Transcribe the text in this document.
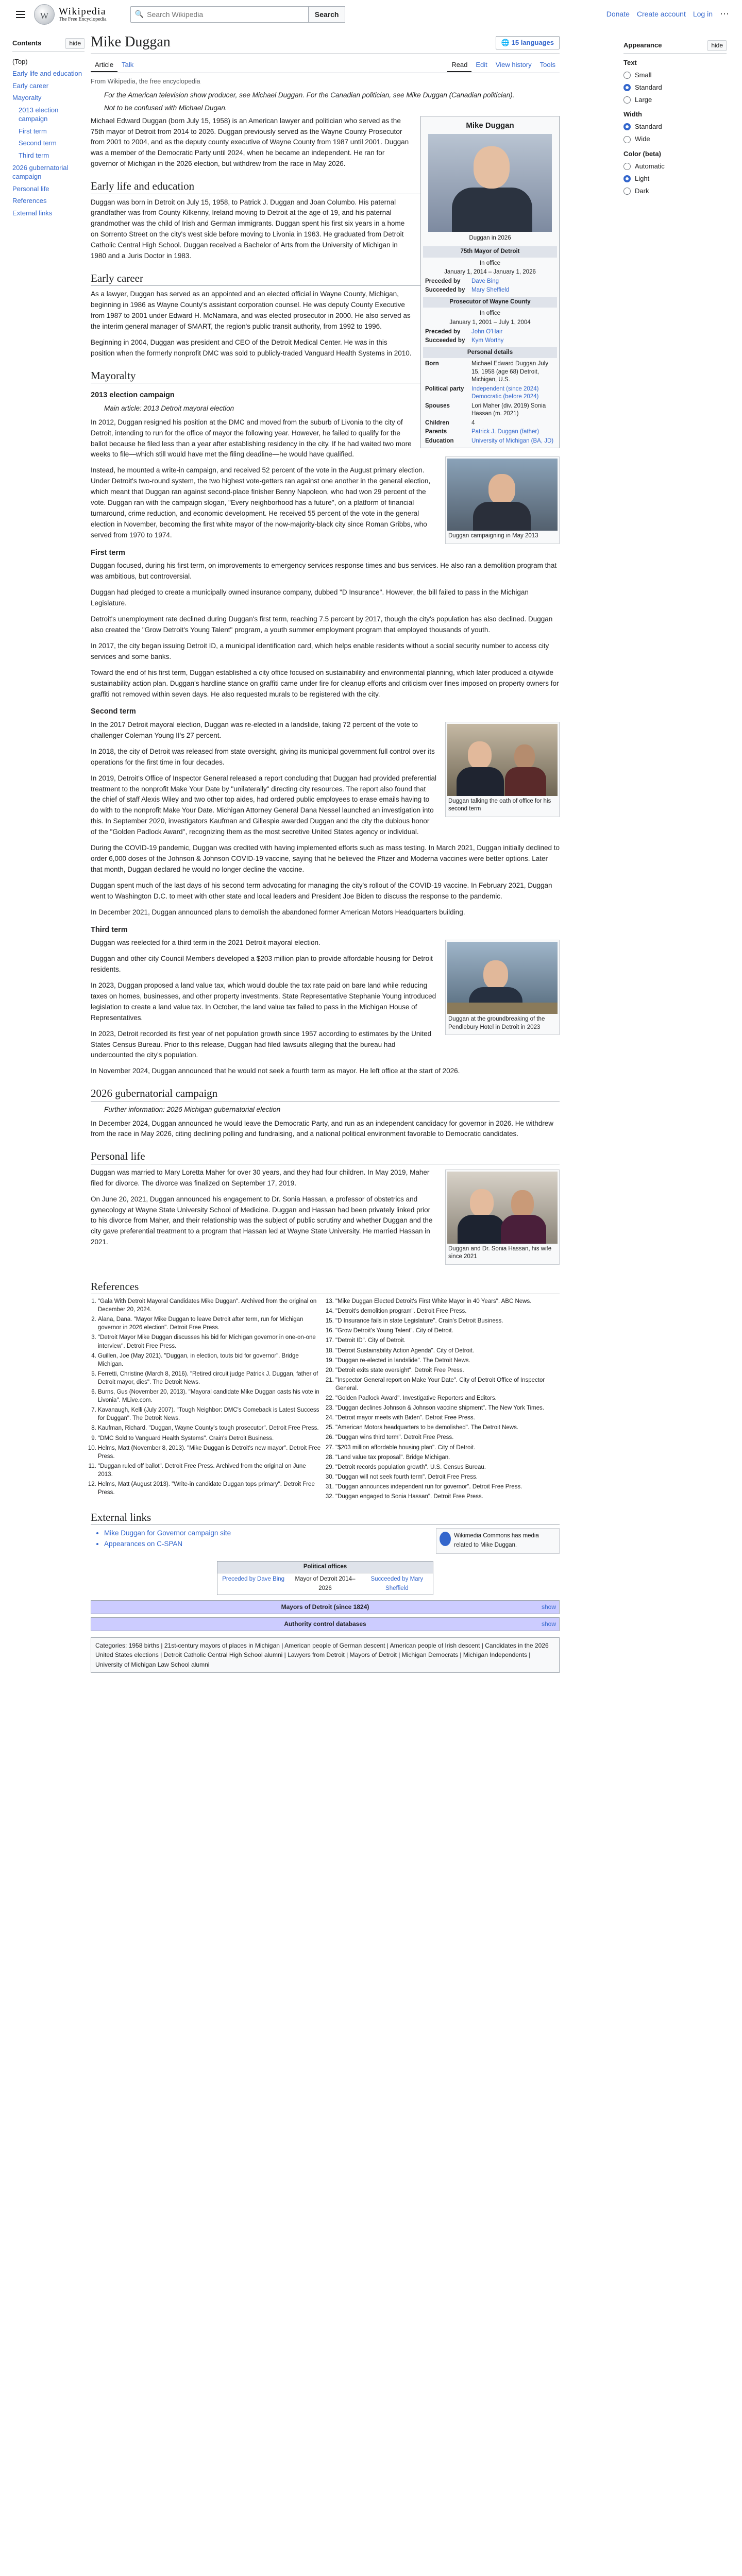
W
Wikipedia
The Free Encyclopedia
🔍
Search Wikipedia	Search	Donate Create account Log in ⋯
Contents	hide
(Top)
Early life and education
Early career
Mayoralty
2013 election campaign
First term
Second term
Third term
2026 gubernatorial campaign
Personal life
References
External links
Mike Duggan	🌐 15 languages
Article	Talk	Read	Edit	View history	Tools
From Wikipedia, the free encyclopedia
For the American television show producer, see Michael Duggan. For the Canadian politician, see Mike Duggan (Canadian politician).
Not to be confused with Michael Dugan.
Mike Duggan
Duggan in 2026
75th Mayor of Detroit
In office
January 1, 2014 – January 1, 2026
Preceded by	Dave Bing
Succeeded by	Mary Sheffield
Prosecutor of Wayne County
In office
January 1, 2001 – July 1, 2004
Preceded by	John O'Hair
Succeeded by	Kym Worthy
Personal details
Born	Michael Edward Duggan July 15, 1958 (age 68) Detroit, Michigan, U.S.
Political party	Independent (since 2024) Democratic (before 2024)
Spouses	Lori Maher (div. 2019) Sonia Hassan (m. 2021)
Children	4
Parents	Patrick J. Duggan (father)
Education	University of Michigan (BA, JD)

Michael Edward Duggan (born July 15, 1958) is an American lawyer and politician who served as the 75th mayor of Detroit from 2014 to 2026. Duggan previously served as the Wayne County Prosecutor from 2001 to 2004, and as the deputy county executive of Wayne County from 1987 until 2001. Duggan was a member of the Democratic Party until 2024, when he became an independent. He ran for governor of Michigan in the 2026 election, but withdrew from the race in May 2026.

Early life and education

Duggan was born in Detroit on July 15, 1958, to Patrick J. Duggan and Joan Columbo. His paternal grandfather was from County Kilkenny, Ireland moving to Detroit at the age of 19, and his paternal grandmother was the child of Irish and German immigrants. Duggan spent his first six years in a home on Sorrento Street on the city's west side before moving to Livonia in 1963. He graduated from Detroit Catholic Central High School. Duggan received a Bachelor of Arts from the University of Michigan in 1980 and a Juris Doctor in 1983.

Early career

As a lawyer, Duggan has served as an appointed and an elected official in Wayne County, Michigan, beginning in 1986 as Wayne County's assistant corporation counsel. He was deputy County Executive from 1987 to 2001 under Edward H. McNamara, and was elected prosecutor in 2000. He also served as the interim general manager of SMART, the region's public transit authority, from 1992 to 1996.

Beginning in 2004, Duggan was president and CEO of the Detroit Medical Center. He was in this position when the formerly nonprofit DMC was sold to publicly-traded Vanguard Health Systems in 2010.

Mayoralty
2013 election campaign
Main article: 2013 Detroit mayoral election
Duggan campaigning in May 2013

In 2012, Duggan resigned his position at the DMC and moved from the suburb of Livonia to the city of Detroit, intending to run for the office of mayor the following year. However, he failed to qualify for the ballot because he filed less than a year after establishing residency in the city. If he had waited two more weeks to file—which still would have met the filing deadline—he would have qualified.

Instead, he mounted a write-in campaign, and received 52 percent of the vote in the August primary election. Under Detroit's two-round system, the two highest vote-getters ran against one another in the general election, which meant that Duggan ran against second-place finisher Benny Napoleon, who had won 29 percent of the vote. Duggan ran with the campaign slogan, "Every neighborhood has a future", on a platform of financial turnaround, crime reduction, and economic development. He received 55 percent of the vote in the general election in November, becoming the first white mayor of the now-majority-black city since Roman Gribbs, who served from 1970 to 1974.

First term

Duggan focused, during his first term, on improvements to emergency services response times and bus services. He also ran a demolition program that was ambitious, but controversial.

Duggan had pledged to create a municipally owned insurance company, dubbed "D Insurance". However, the bill failed to pass in the Michigan Legislature.

Detroit's unemployment rate declined during Duggan's first term, reaching 7.5 percent by 2017, though the city's population has also declined. Duggan also created the "Grow Detroit's Young Talent" program, a youth summer employment program that employed thousands of youth.

In 2017, the city began issuing Detroit ID, a municipal identification card, which helps enable residents without a social security number to access city services and some banks.

Toward the end of his first term, Duggan established a city office focused on sustainability and environmental planning, which later produced a citywide sustainability action plan. Duggan's hardline stance on graffiti came under fire for cleanup efforts and criticism over fines imposed on property owners for graffiti not removed within seven days. He also requested murals to be registered with the city.

Second term
Duggan talking the oath of office for his second term

In the 2017 Detroit mayoral election, Duggan was re-elected in a landslide, taking 72 percent of the vote to challenger Coleman Young II's 27 percent.

In 2018, the city of Detroit was released from state oversight, giving its municipal government full control over its operations for the first time in four decades.

In 2019, Detroit's Office of Inspector General released a report concluding that Duggan had provided preferential treatment to the nonprofit Make Your Date by "unilaterally" directing city resources. The report also found that the chief of staff Alexis Wiley and two other top aides, had ordered public employees to erase emails having to do with to the nonprofit Make Your Date. Michigan Attorney General Dana Nessel launched an investigation into this. In September 2020, investigators Kaufman and Gillespie awarded Duggan and the city the dubious honor of the "Golden Padlock Award", recognizing them as the most secretive United States agency or individual.

During the COVID-19 pandemic, Duggan was credited with having implemented efforts such as mass testing. In March 2021, Duggan initially declined to order 6,000 doses of the Johnson & Johnson COVID-19 vaccine, saying that he believed the Pfizer and Moderna vaccines were better options. Later that month, Duggan declared he would no longer decline the vaccine.

Duggan spent much of the last days of his second term advocating for managing the city's rollout of the COVID-19 vaccine. In February 2021, Duggan went to Washington D.C. to meet with other state and local leaders and President Joe Biden to discuss the response to the pandemic.

In December 2021, Duggan announced plans to demolish the abandoned former American Motors Headquarters building.

Third term
Duggan at the groundbreaking of the Pendlebury Hotel in Detroit in 2023

Duggan was reelected for a third term in the 2021 Detroit mayoral election.

Duggan and other city Council Members developed a $203 million plan to provide affordable housing for Detroit residents.

In 2023, Duggan proposed a land value tax, which would double the tax rate paid on bare land while reducing taxes on homes, businesses, and other property investments. State Representative Stephanie Young introduced legislation to create a land value tax. In October, the land value tax failed to pass in the Michigan House of Representatives.

In 2023, Detroit recorded its first year of net population growth since 1957 according to estimates by the United States Census Bureau. Prior to this release, Duggan had filed lawsuits alleging that the bureau had undercounted the city's population.

In November 2024, Duggan announced that he would not seek a fourth term as mayor. He left office at the start of 2026.

2026 gubernatorial campaign
Further information: 2026 Michigan gubernatorial election

In December 2024, Duggan announced he would leave the Democratic Party, and run as an independent candidacy for governor in 2026. He withdrew from the race in May 2026, citing declining polling and fundraising, and a national political environment favorable to Democratic candidates.

Personal life
Duggan and Dr. Sonia Hassan, his wife since 2021

Duggan was married to Mary Loretta Maher for over 30 years, and they had four children. In May 2019, Maher filed for divorce. The divorce was finalized on September 17, 2019.

On June 20, 2021, Duggan announced his engagement to Dr. Sonia Hassan, a professor of obstetrics and gynecology at Wayne State University School of Medicine. Duggan and Hassan had been privately linked prior to his divorce from Maher, and their relationship was the subject of public scrutiny and whether Duggan and the city gave preferential treatment to a program that Hassan led at Wayne State University. He married Hassan in 2021.

References
1. "Gala With Detroit Mayoral Candidates Mike Duggan". Archived from the original on December 20, 2024.
2. Alana, Dana. "Mayor Mike Duggan to leave Detroit after term, run for Michigan governor in 2026 election". Detroit Free Press.
3. "Detroit Mayor Mike Duggan discusses his bid for Michigan governor in one-on-one interview". Detroit Free Press.
4. Guillen, Joe (May 2021). "Duggan, in election, touts bid for governor". Bridge Michigan.
5. Ferretti, Christine (March 8, 2016). "Retired circuit judge Patrick J. Duggan, father of Detroit mayor, dies". The Detroit News.
6. Burns, Gus (November 20, 2013). "Mayoral candidate Mike Duggan casts his vote in Livonia". MLive.com.
7. Kavanaugh, Kelli (July 2007). "Tough Neighbor: DMC's Comeback is Latest Success for Duggan". The Detroit News.
8. Kaufman, Richard. "Duggan, Wayne County's tough prosecutor". Detroit Free Press.
9. "DMC Sold to Vanguard Health Systems". Crain's Detroit Business.
10. Helms, Matt (November 8, 2013). "Mike Duggan is Detroit's new mayor". Detroit Free Press.
11. "Duggan ruled off ballot". Detroit Free Press. Archived from the original on June 2013.
12. Helms, Matt (August 2013). "Write-in candidate Duggan tops primary". Detroit Free Press.
13. "Mike Duggan Elected Detroit's First White Mayor in 40 Years". ABC News.
14. "Detroit's demolition program". Detroit Free Press.
15. "D Insurance fails in state Legislature". Crain's Detroit Business.
16. "Grow Detroit's Young Talent". City of Detroit.
17. "Detroit ID". City of Detroit.
18. "Detroit Sustainability Action Agenda". City of Detroit.
19. "Duggan re-elected in landslide". The Detroit News.
20. "Detroit exits state oversight". Detroit Free Press.
21. "Inspector General report on Make Your Date". City of Detroit Office of Inspector General.
22. "Golden Padlock Award". Investigative Reporters and Editors.
23. "Duggan declines Johnson & Johnson vaccine shipment". The New York Times.
24. "Detroit mayor meets with Biden". Detroit Free Press.
25. "American Motors headquarters to be demolished". The Detroit News.
26. "Duggan wins third term". Detroit Free Press.
27. "$203 million affordable housing plan". City of Detroit.
28. "Land value tax proposal". Bridge Michigan.
29. "Detroit records population growth". U.S. Census Bureau.
30. "Duggan will not seek fourth term". Detroit Free Press.
31. "Duggan announces independent run for governor". Detroit Free Press.
32. "Duggan engaged to Sonia Hassan". Detroit Free Press.
External links
Wikimedia Commons has media related to Mike Duggan.
• Mike Duggan for Governor campaign site
• Appearances on C-SPAN
Political offices
Preceded by Dave Bing	Mayor of Detroit 2014–2026
Succeeded by Mary Sheffield
Mayors of Detroit (since 1824)	show
Authority control databases	show
Categories: 1958 births | 21st-century mayors of places in Michigan | American people of German descent | American people of Irish descent | Candidates in the 2026 United States elections | Detroit Catholic Central High School alumni | Lawyers from Detroit | Mayors of Detroit | Michigan Democrats | Michigan Independents | University of Michigan Law School alumni
Appearance	hide
Text
Small
Standard
Large
Width
Standard
Wide
Color (beta)
Automatic
Light
Dark
